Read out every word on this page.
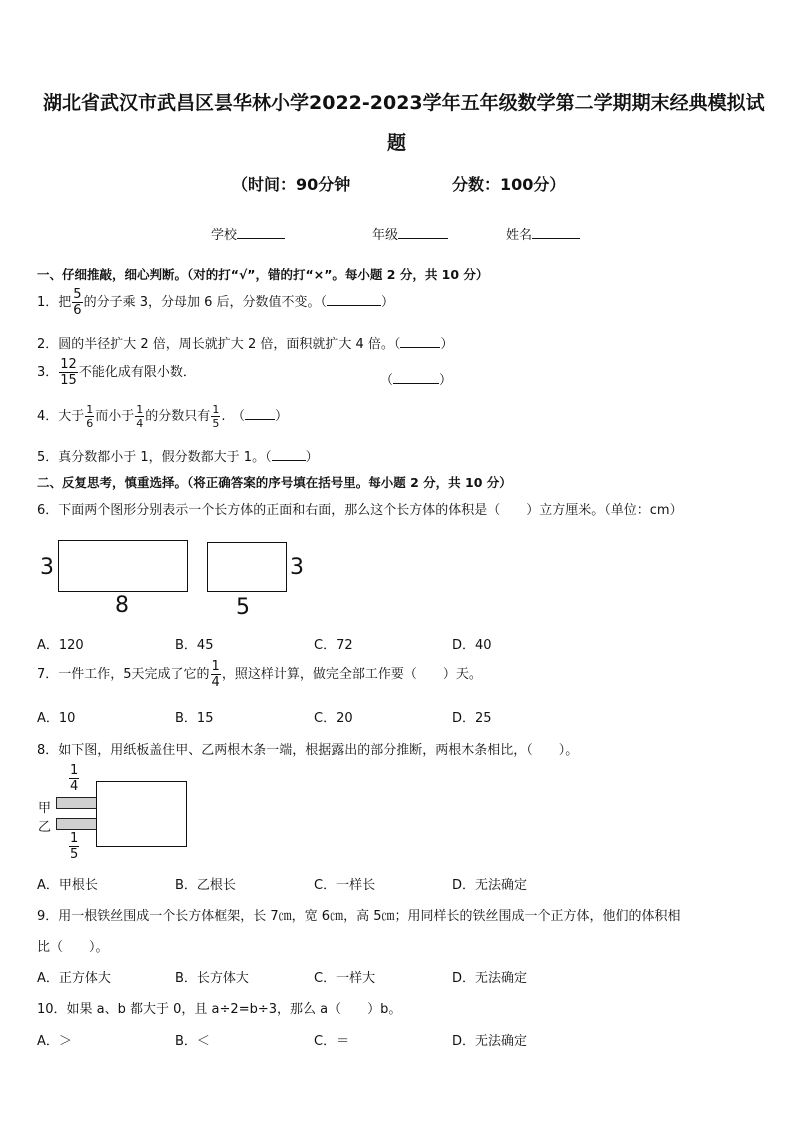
湖北省武汉市武昌区昙华林小学2022-2023学年五年级数学第二学期期末经典模拟试
题
（时间：90分钟	分数：100分）
学校	年级	姓名
一、仔细推敲，细心判断。（对的打“√”，错的打“×”。每小题 2 分，共 10 分）
1．把 $\frac{5}{6}$ 的分子乘 3，分母加 6 后，分数值不变。（	）
2．圆的半径扩大 2 倍，周长就扩大 2 倍，面积就扩大 4 倍。（	）
3． $\frac{12}{15}$ 不能化成有限小数．
（	）
4．大于 $\frac{1}{6}$ 而小于 $\frac{1}{4}$ 的分数只有 $\frac{1}{5}$ .　（ ）
5．真分数都小于 1，假分数都大于 1。（	）
二、反复思考，慎重选择。（将正确答案的序号填在括号里。每小题 2 分，共 10 分）
6．下面两个图形分别表示一个长方体的正面和右面，那么这个长方体的体积是（　　）立方厘米。（单位：cm）
3
8
3
5
A．120	B．45	C．72	D．40
7．一件工作，5天完成了它的 $\frac{1}{4}$ ，照这样计算，做完全部工作要（　　）天。
A．10	B．15	C．20	D．25
8．如下图，用纸板盖住甲、乙两根木条一端，根据露出的部分推断，两根木条相比，（　　）。
$\frac{1}{4}$
甲
乙
$\frac{1}{5}$
A．甲根长	B．乙根长	C．一样长	D．无法确定
9．用一根铁丝围成一个长方体框架，长 7㎝，宽 6㎝，高 5㎝；用同样长的铁丝围成一个正方体，他们的体积相
比（　　）。
A．正方体大	B．长方体大	C．一样大	D．无法确定
10．如果 a、b 都大于 0，且 a÷2=b÷3，那么 a（　　）b。
A．＞	B．＜	C．＝	D．无法确定
